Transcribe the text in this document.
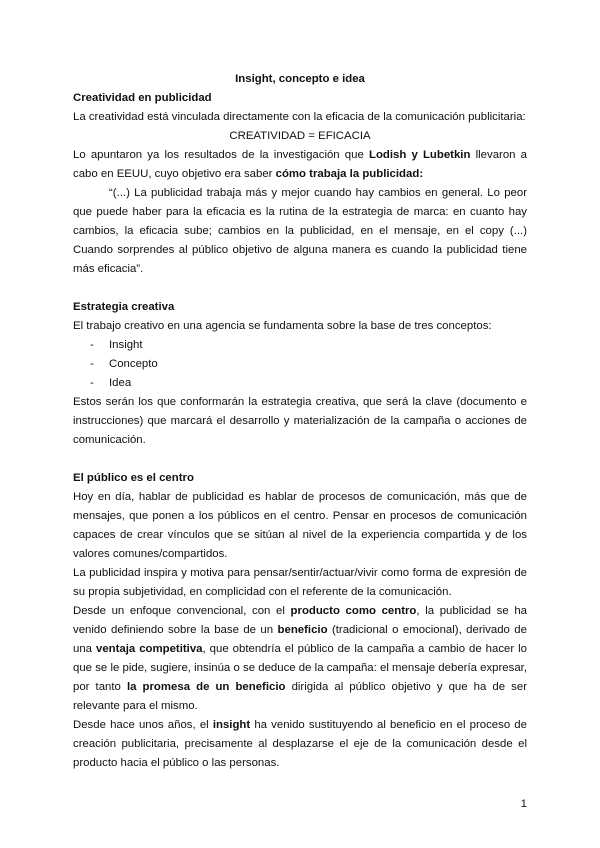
Insight, concepto e idea

Creatividad en publicidad

La creatividad está vinculada directamente con la eficacia de la comunicación publicitaria:

CREATIVIDAD = EFICACIA

Lo apuntaron ya los resultados de la investigación que Lodish y Lubetkin llevaron a cabo en EEUU, cuyo objetivo era saber cómo trabaja la publicidad:

“(...) La publicidad trabaja más y mejor cuando hay cambios en general. Lo peor que puede haber para la eficacia es la rutina de la estrategia de marca: en cuanto hay cambios, la eficacia sube; cambios en la publicidad, en el mensaje, en el copy (...) Cuando sorprendes al público objetivo de alguna manera es cuando la publicidad tiene más eficacia”.

Estrategia creativa

El trabajo creativo en una agencia se fundamenta sobre la base de tres conceptos:

- Insight
- Concepto
- Idea

Estos serán los que conformarán la estrategia creativa, que será la clave (documento e instrucciones) que marcará el desarrollo y materialización de la campaña o acciones de comunicación.

El público es el centro

Hoy en día, hablar de publicidad es hablar de procesos de comunicación, más que de mensajes, que ponen a los públicos en el centro. Pensar en procesos de comunicación capaces de crear vínculos que se sitúan al nivel de la experiencia compartida y de los valores comunes/compartidos.

La publicidad inspira y motiva para pensar/sentir/actuar/vivir como forma de expresión de su propia subjetividad, en complicidad con el referente de la comunicación.

Desde un enfoque convencional, con el producto como centro, la publicidad se ha venido definiendo sobre la base de un beneficio (tradicional o emocional), derivado de una ventaja competitiva, que obtendría el público de la campaña a cambio de hacer lo que se le pide, sugiere, insinúa o se deduce de la campaña: el mensaje debería expresar, por tanto la promesa de un beneficio dirigida al público objetivo y que ha de ser relevante para el mismo.

Desde hace unos años, el insight ha venido sustituyendo al beneficio en el proceso de creación publicitaria, precisamente al desplazarse el eje de la comunicación desde el producto hacia el público o las personas.

1
